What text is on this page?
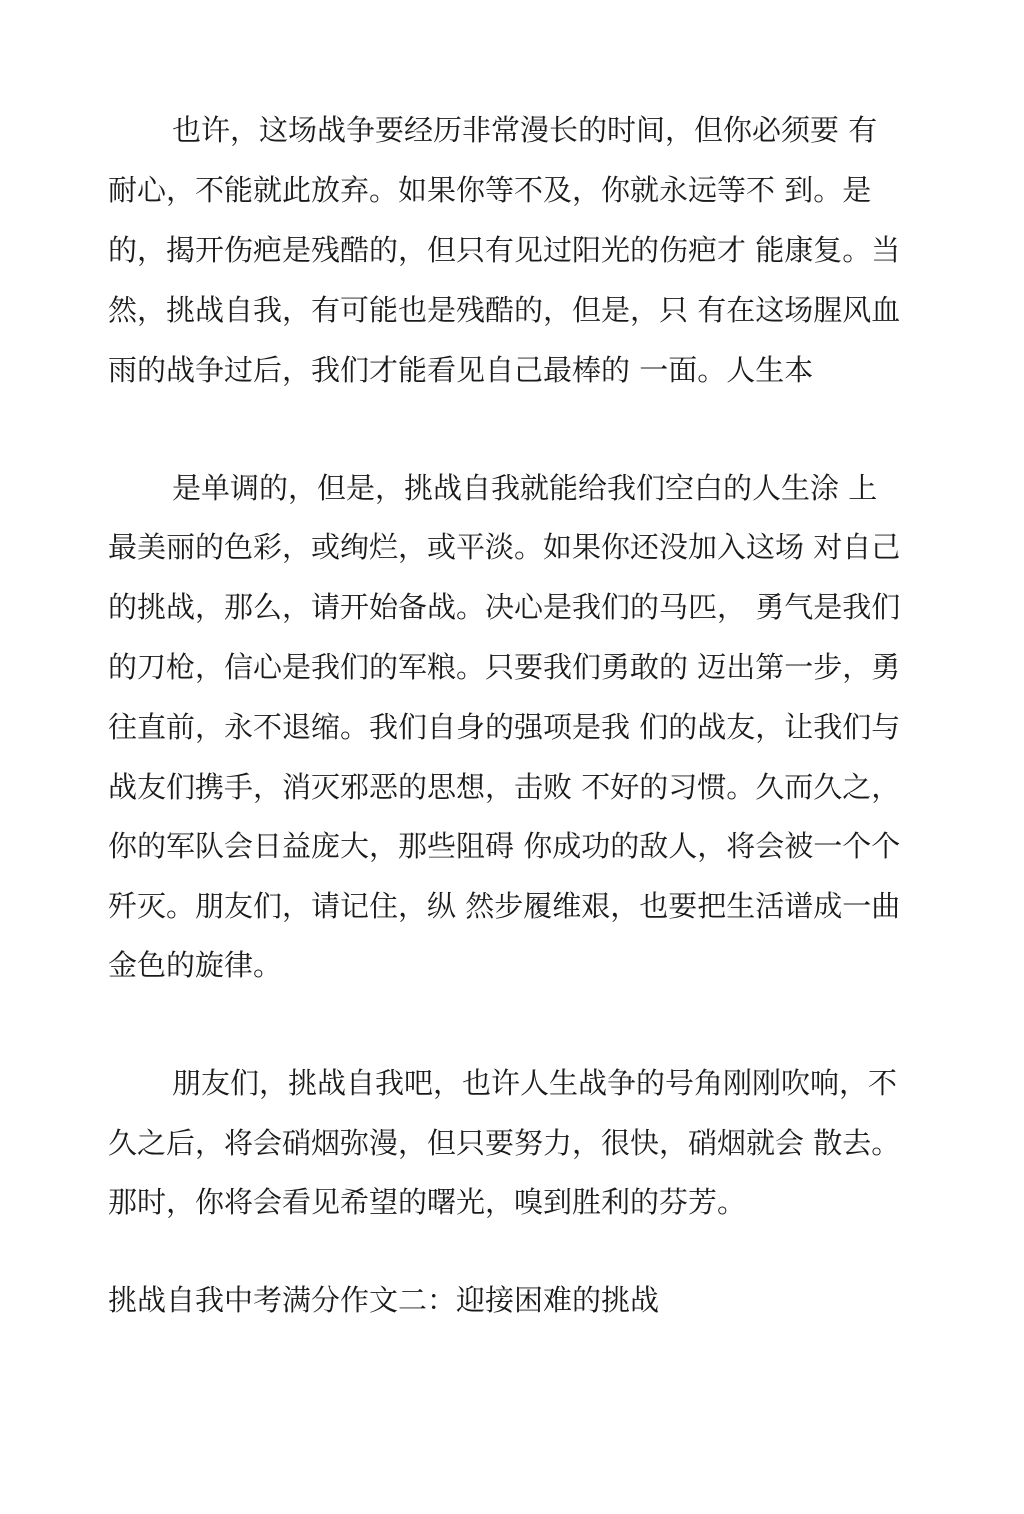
也许，这场战争要经历非常漫长的时间，但你必须要 有
耐心，不能就此放弃。如果你等不及，你就永远等不 到。是
的，揭开伤疤是残酷的，但只有见过阳光的伤疤才 能康复。当
然，挑战自我，有可能也是残酷的，但是，只 有在这场腥风血
雨的战争过后，我们才能看见自己最棒的 一面。人生本
是单调的，但是，挑战自我就能给我们空白的人生涂 上
最美丽的色彩，或绚烂，或平淡。如果你还没加入这场 对自己
的挑战，那么，请开始备战。决心是我们的马匹， 勇气是我们
的刀枪，信心是我们的军粮。只要我们勇敢的 迈出第一步，勇
往直前，永不退缩。我们自身的强项是我 们的战友，让我们与
战友们携手，消灭邪恶的思想，击败 不好的习惯。久而久之，
你的军队会日益庞大，那些阻碍 你成功的敌人，将会被一个个
歼灭。朋友们，请记住，纵 然步履维艰，也要把生活谱成一曲
金色的旋律。
朋友们，挑战自我吧，也许人生战争的号角刚刚吹响，不
久之后，将会硝烟弥漫，但只要努力，很快，硝烟就会 散去。
那时，你将会看见希望的曙光，嗅到胜利的芬芳。
挑战自我中考满分作文二：迎接困难的挑战
